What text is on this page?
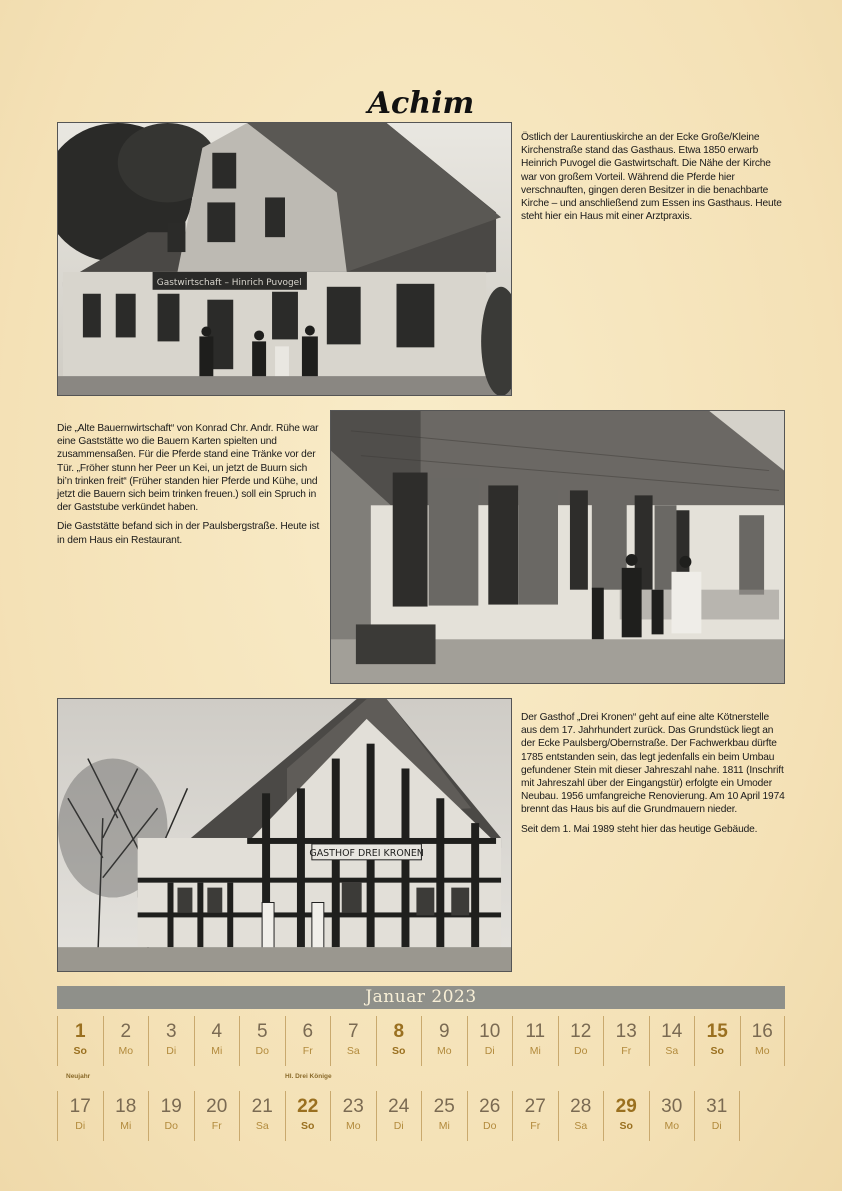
Achim
Gastwirtschaft – Hinrich Puvogel

Östlich der Laurentiuskirche an der Ecke Große/Kleine Kirchenstraße stand das Gasthaus. Etwa 1850 erwarb Heinrich Puvogel die Gastwirtschaft. Die Nähe der Kirche war von großem Vorteil. Während die Pferde hier verschnauften, gingen deren Besitzer in die benachbarte Kirche – und anschließend zum Essen ins Gasthaus. Heute steht hier ein Haus mit einer Arztpraxis.

Die „Alte Bauernwirtschaft“ von Konrad Chr. Andr. Rühe war eine Gaststätte wo die Bauern Karten spielten und zusammensaßen. Für die Pferde stand eine Tränke vor der Tür. „Fröher stunn her Peer un Kei, un jetzt de Buurn sich bi’n trinken freit“ (Früher standen hier Pferde und Kühe, und jetzt die Bauern sich beim trinken freuen.) soll ein Spruch in der Gaststube verkündet haben.

Die Gaststätte befand sich in der Paulsbergstraße. Heute ist in dem Haus ein Restaurant.

GASTHOF DREI KRONEN

Der Gasthof „Drei Kronen“ geht auf eine alte Kötnerstelle aus dem 17. Jahrhundert zurück. Das Grundstück liegt an der Ecke Paulsberg/Obernstraße. Der Fachwerkbau dürfte 1785 entstanden sein, das legt jedenfalls ein beim Umbau gefundener Stein mit dieser Jahreszahl nahe. 1811 (Inschrift mit Jahreszahl über der Eingangstür) erfolgte ein Umoder Neubau. 1956 umfangreiche Renovierung. Am 10 April 1974 brennt das Haus bis auf die Grundmauern nieder.

Seit dem 1. Mai 1989 steht hier das heutige Gebäude.

Januar 2023
1
So
2
Mo
3
Di
4
Mi
5
Do
6
Fr
7
Sa
8
So
9
Mo
10
Di
11
Mi
12
Do
13
Fr
14
Sa
15
So
16
Mo
17
Di
18
Mi
19
Do
20
Fr
21
Sa
22
So
23
Mo
24
Di
25
Mi
26
Do
27
Fr
28
Sa
29
So
30
Mo
31
Di
Neujahr	Hl. Drei Könige
